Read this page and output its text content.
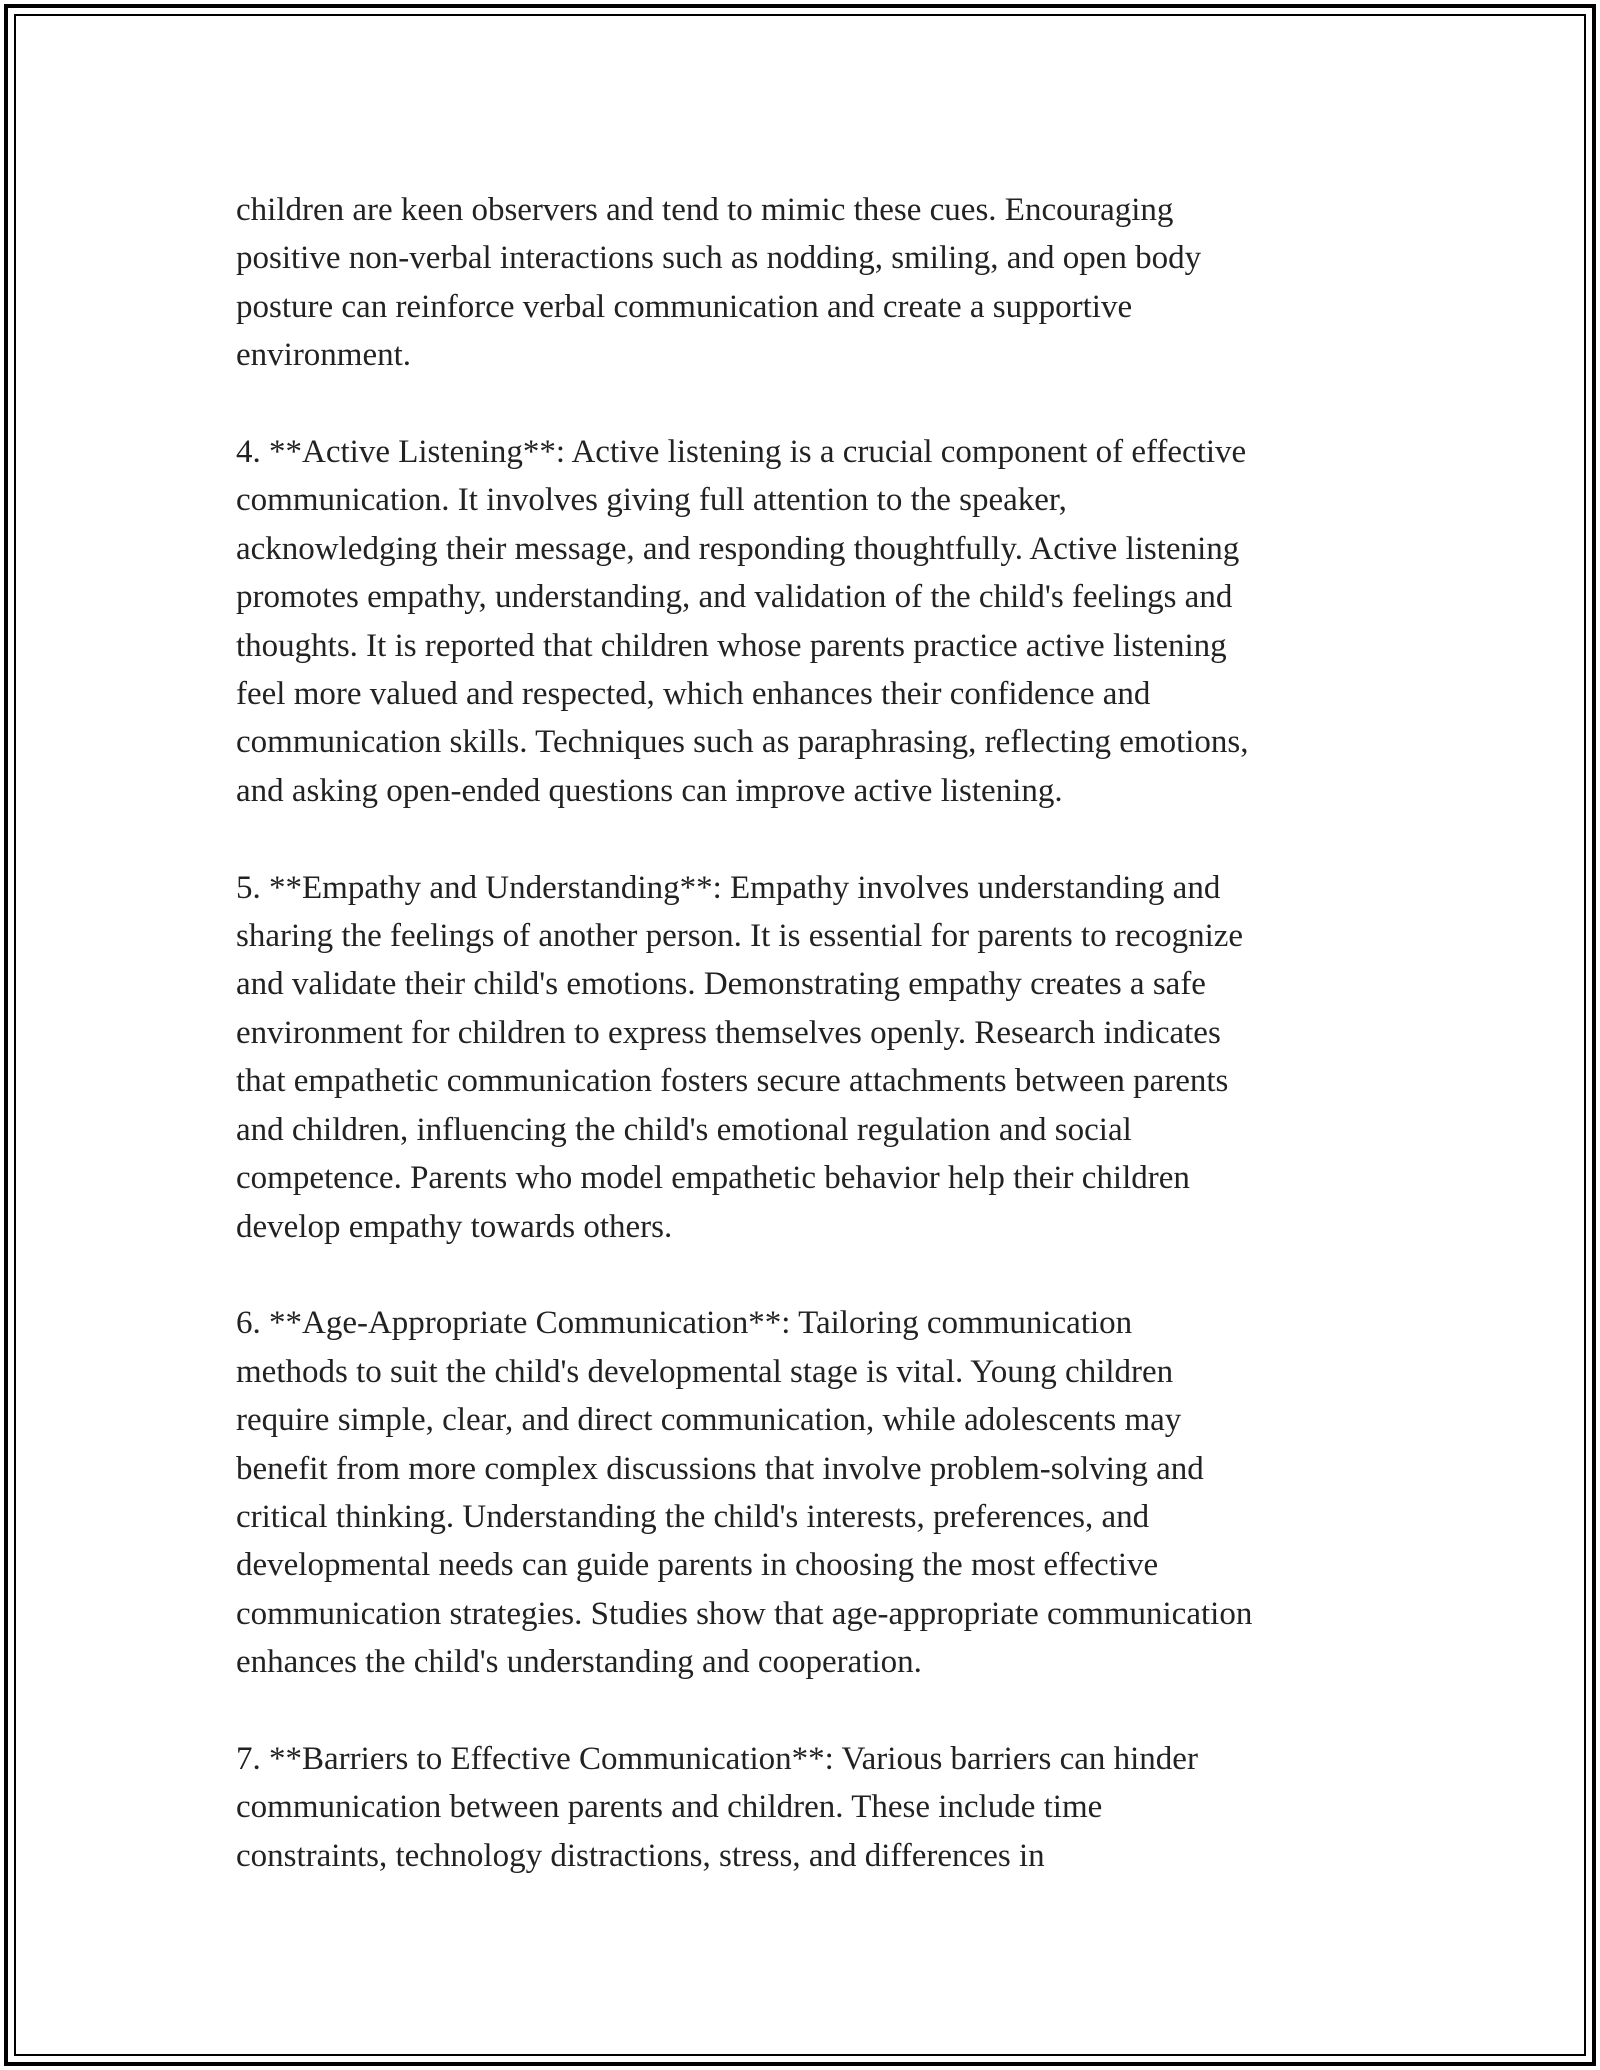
children are keen observers and tend to mimic these cues. Encouraging
positive non-verbal interactions such as nodding, smiling, and open body
posture can reinforce verbal communication and create a supportive
environment.

4. **Active Listening**: Active listening is a crucial component of effective
communication. It involves giving full attention to the speaker,
acknowledging their message, and responding thoughtfully. Active listening
promotes empathy, understanding, and validation of the child's feelings and
thoughts. It is reported that children whose parents practice active listening
feel more valued and respected, which enhances their confidence and
communication skills. Techniques such as paraphrasing, reflecting emotions,
and asking open-ended questions can improve active listening.

5. **Empathy and Understanding**: Empathy involves understanding and
sharing the feelings of another person. It is essential for parents to recognize
and validate their child's emotions. Demonstrating empathy creates a safe
environment for children to express themselves openly. Research indicates
that empathetic communication fosters secure attachments between parents
and children, influencing the child's emotional regulation and social
competence. Parents who model empathetic behavior help their children
develop empathy towards others.

6. **Age-Appropriate Communication**: Tailoring communication
methods to suit the child's developmental stage is vital. Young children
require simple, clear, and direct communication, while adolescents may
benefit from more complex discussions that involve problem-solving and
critical thinking. Understanding the child's interests, preferences, and
developmental needs can guide parents in choosing the most effective
communication strategies. Studies show that age-appropriate communication
enhances the child's understanding and cooperation.

7. **Barriers to Effective Communication**: Various barriers can hinder
communication between parents and children. These include time
constraints, technology distractions, stress, and differences in
